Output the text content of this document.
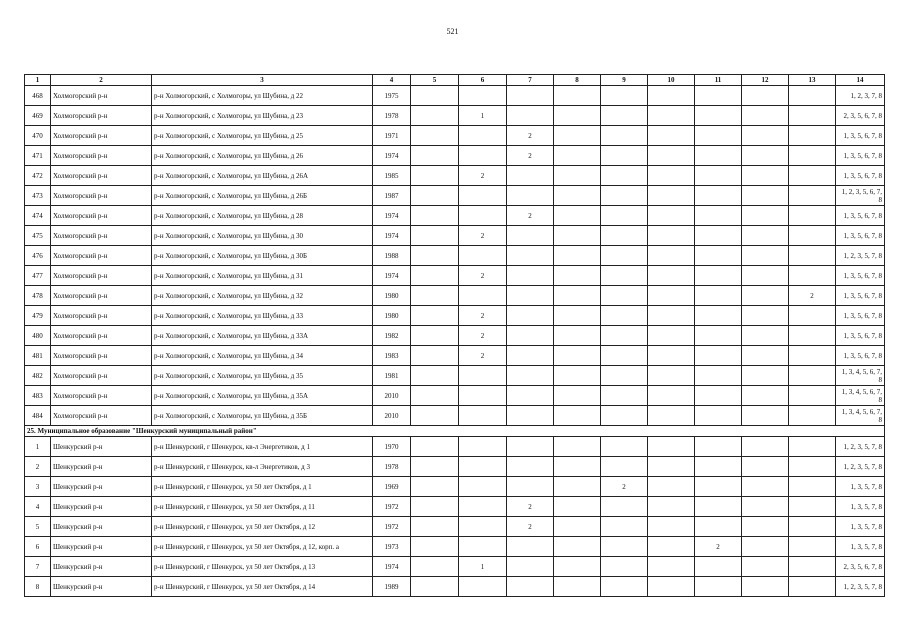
521
1	2	3	4	5	6	7	8	9	10	11	12	13	14
468	Холмогорский р-н	р-н Холмогорский, с Холмогоры, ул Шубина, д 22	1975										1, 2, 3, 7, 8
469	Холмогорский р-н	р-н Холмогорский, с Холмогоры, ул Шубина, д 23	1978		1								2, 3, 5, 6, 7, 8
470	Холмогорский р-н	р-н Холмогорский, с Холмогоры, ул Шубина, д 25	1971			2							1, 3, 5, 6, 7, 8
471	Холмогорский р-н	р-н Холмогорский, с Холмогоры, ул Шубина, д 26	1974			2							1, 3, 5, 6, 7, 8
472	Холмогорский р-н	р-н Холмогорский, с Холмогоры, ул Шубина, д 26А	1985		2								1, 3, 5, 6, 7, 8
473	Холмогорский р-н	р-н Холмогорский, с Холмогоры, ул Шубина, д 26Б	1987										1, 2, 3, 5, 6, 7, 8
474	Холмогорский р-н	р-н Холмогорский, с Холмогоры, ул Шубина, д 28	1974			2							1, 3, 5, 6, 7, 8
475	Холмогорский р-н	р-н Холмогорский, с Холмогоры, ул Шубина, д 30	1974		2								1, 3, 5, 6, 7, 8
476	Холмогорский р-н	р-н Холмогорский, с Холмогоры, ул Шубина, д 30Б	1988										1, 2, 3, 5, 7, 8
477	Холмогорский р-н	р-н Холмогорский, с Холмогоры, ул Шубина, д 31	1974		2								1, 3, 5, 6, 7, 8
478	Холмогорский р-н	р-н Холмогорский, с Холмогоры, ул Шубина, д 32	1980									2	1, 3, 5, 6, 7, 8
479	Холмогорский р-н	р-н Холмогорский, с Холмогоры, ул Шубина, д 33	1980		2								1, 3, 5, 6, 7, 8
480	Холмогорский р-н	р-н Холмогорский, с Холмогоры, ул Шубина, д 33А	1982		2								1, 3, 5, 6, 7, 8
481	Холмогорский р-н	р-н Холмогорский, с Холмогоры, ул Шубина, д 34	1983		2								1, 3, 5, 6, 7, 8
482	Холмогорский р-н	р-н Холмогорский, с Холмогоры, ул Шубина, д 35	1981										1, 3, 4, 5, 6, 7, 8
483	Холмогорский р-н	р-н Холмогорский, с Холмогоры, ул Шубина, д 35А	2010										1, 3, 4, 5, 6, 7, 8
484	Холмогорский р-н	р-н Холмогорский, с Холмогоры, ул Шубина, д 35Б	2010										1, 3, 4, 5, 6, 7, 8
25. Муниципальное образование "Шенкурский муниципальный район"													
1	Шенкурский р-н	р-н Шенкурский, г Шенкурск, кв-л Энергетиков, д 1	1970										1, 2, 3, 5, 7, 8
2	Шенкурский р-н	р-н Шенкурский, г Шенкурск, кв-л Энергетиков, д 3	1978										1, 2, 3, 5, 7, 8
3	Шенкурский р-н	р-н Шенкурский, г Шенкурск, ул 50 лет Октября, д 1	1969					2					1, 3, 5, 7, 8
4	Шенкурский р-н	р-н Шенкурский, г Шенкурск, ул 50 лет Октября, д 11	1972			2							1, 3, 5, 7, 8
5	Шенкурский р-н	р-н Шенкурский, г Шенкурск, ул 50 лет Октября, д 12	1972			2							1, 3, 5, 7, 8
6	Шенкурский р-н	р-н Шенкурский, г Шенкурск, ул 50 лет Октября, д 12, корп. а	1973							2			1, 3, 5, 7, 8
7	Шенкурский р-н	р-н Шенкурский, г Шенкурск, ул 50 лет Октября, д 13	1974		1								2, 3, 5, 6, 7, 8
8	Шенкурский р-н	р-н Шенкурский, г Шенкурск, ул 50 лет Октября, д 14	1989										1, 2, 3, 5, 7, 8
